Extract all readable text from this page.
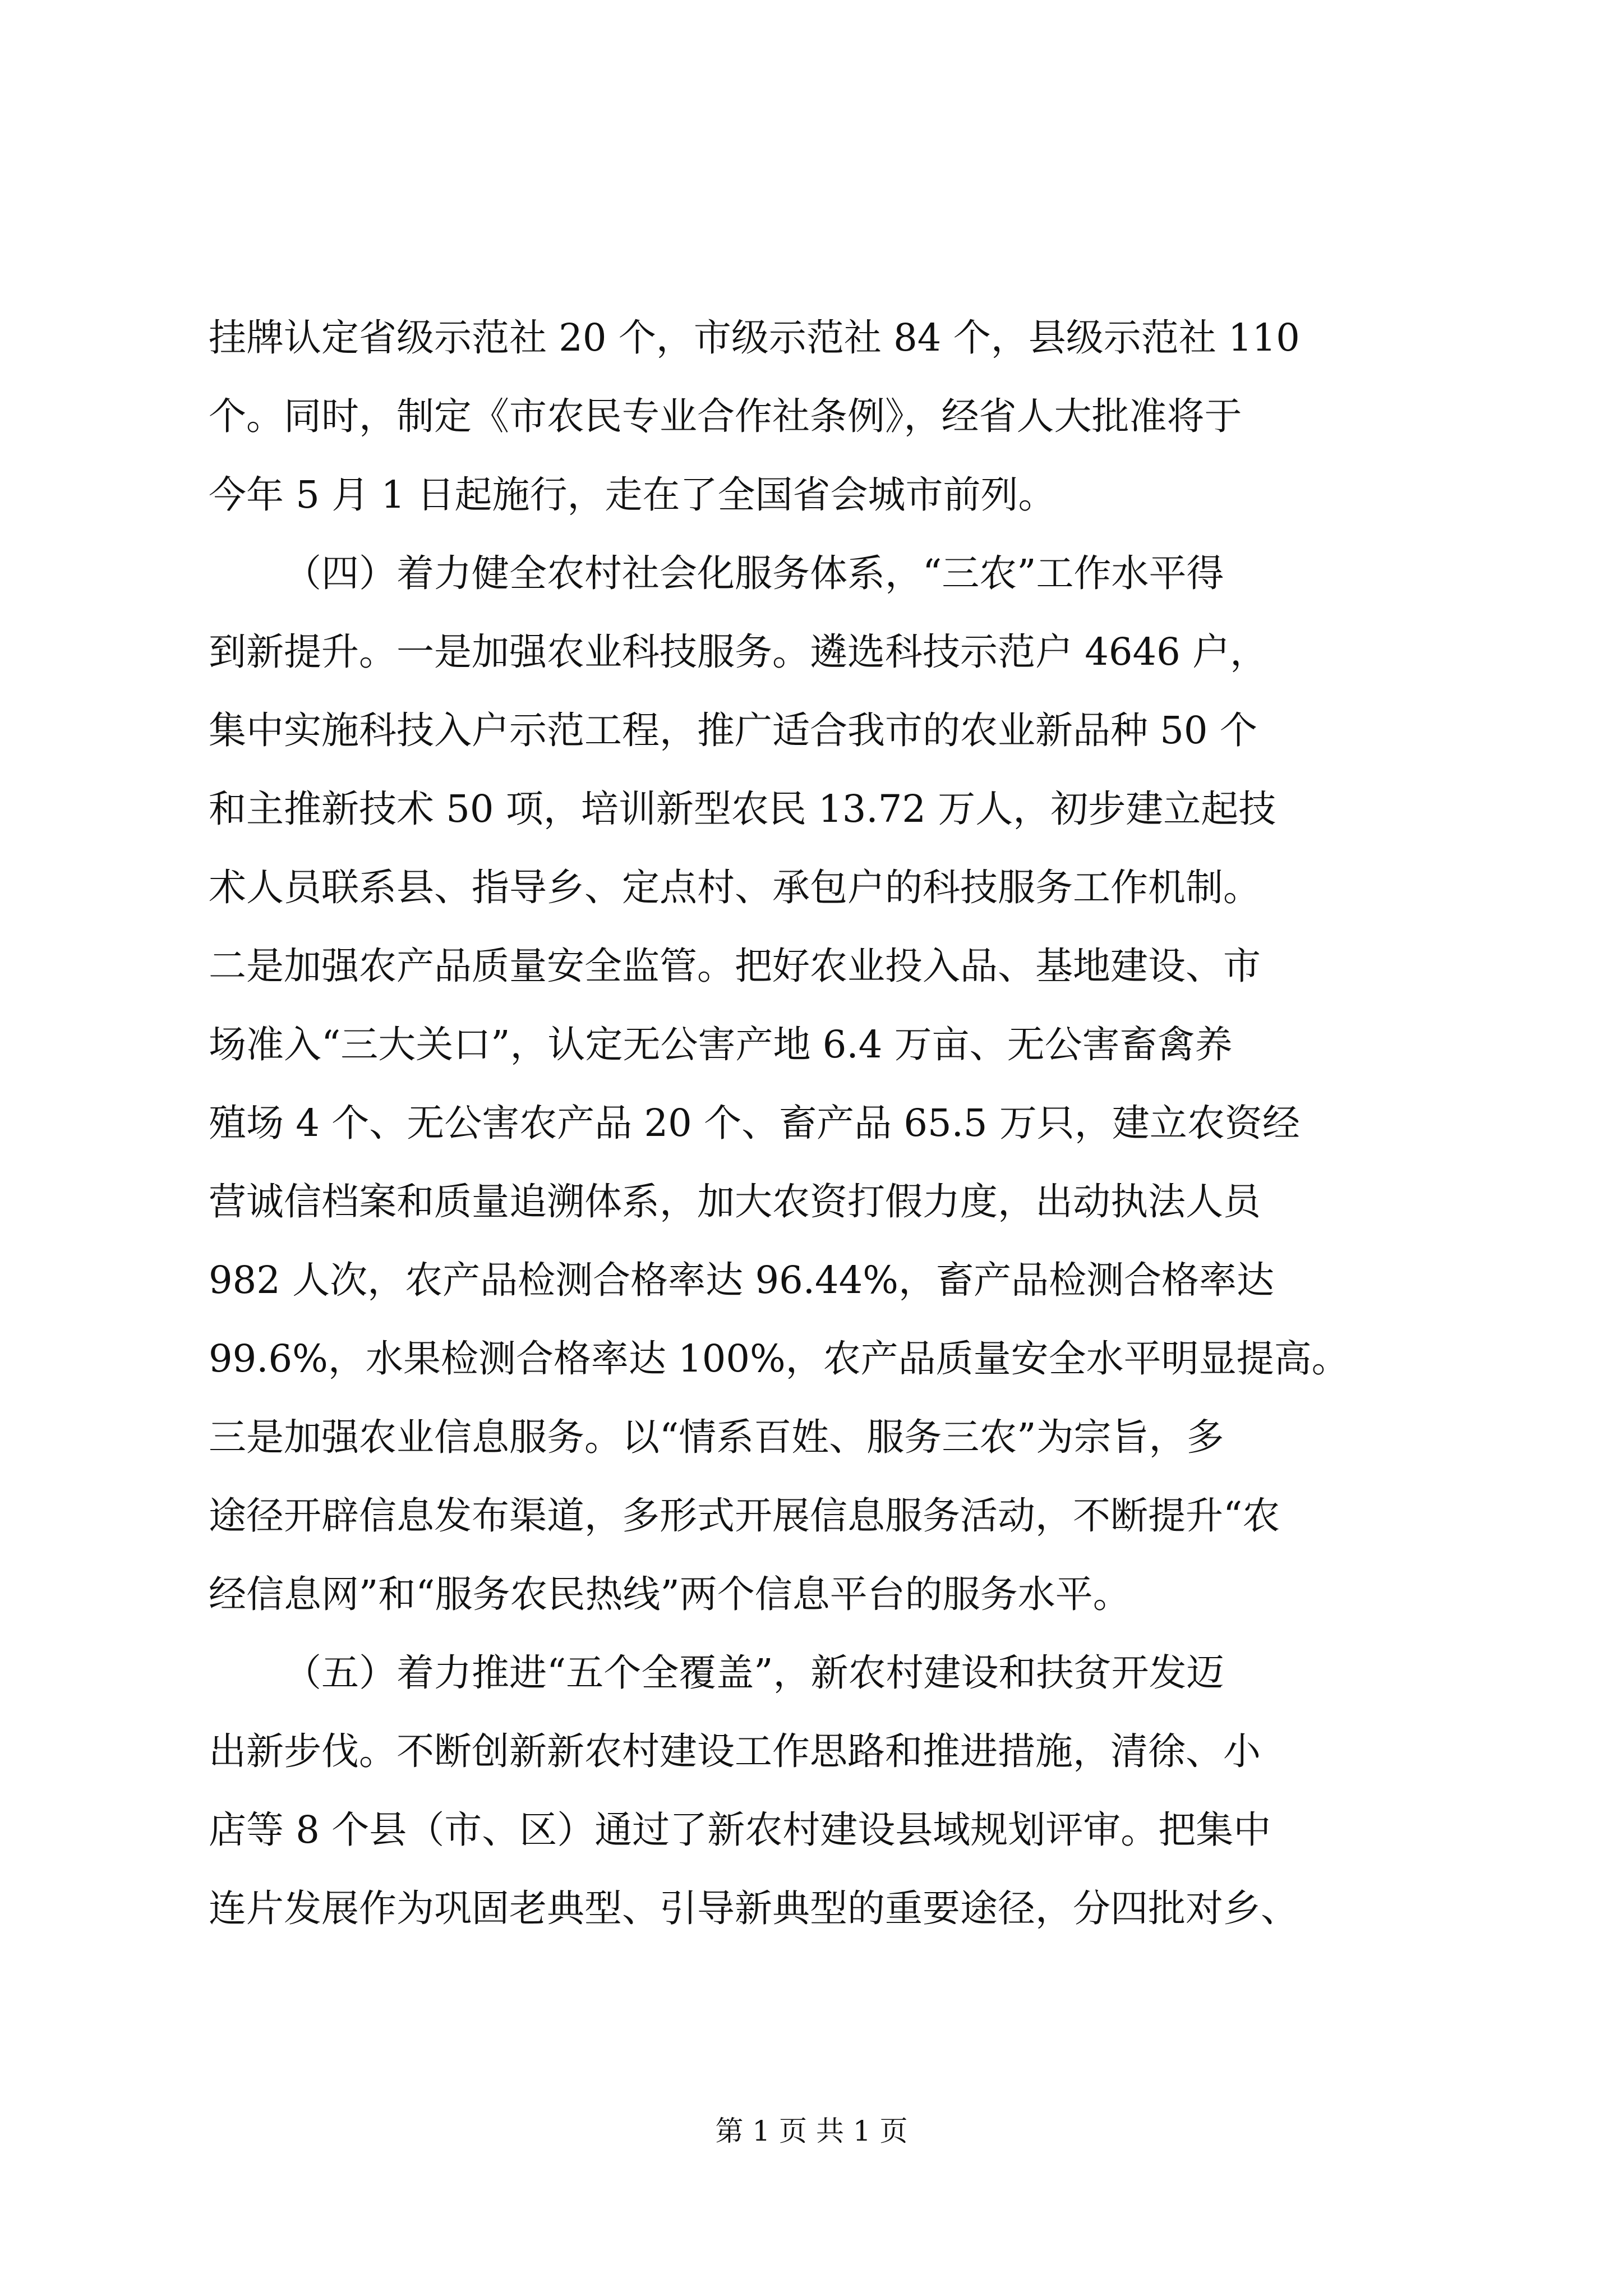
挂牌认定省级示范社 20 个，市级示范社 84 个，县级示范社 110
个。同时，制定《市农民专业合作社条例》，经省人大批准将于
今年 5 月 1 日起施行，走在了全国省会城市前列。
（四）着力健全农村社会化服务体系，“三农”工作水平得
到新提升。一是加强农业科技服务。遴选科技示范户 4646 户，
集中实施科技入户示范工程，推广适合我市的农业新品种 50 个
和主推新技术 50 项，培训新型农民 13.72 万人，初步建立起技
术人员联系县、指导乡、定点村、承包户的科技服务工作机制。
二是加强农产品质量安全监管。把好农业投入品、基地建设、市
场准入“三大关口”，认定无公害产地 6.4 万亩、无公害畜禽养
殖场 4 个、无公害农产品 20 个、畜产品 65.5 万只，建立农资经
营诚信档案和质量追溯体系，加大农资打假力度，出动执法人员
982 人次，农产品检测合格率达 96.44%，畜产品检测合格率达
99.6%，水果检测合格率达 100%，农产品质量安全水平明显提高。
三是加强农业信息服务。以“情系百姓、服务三农”为宗旨，多
途径开辟信息发布渠道，多形式开展信息服务活动，不断提升“农
经信息网”和“服务农民热线”两个信息平台的服务水平。
（五）着力推进“五个全覆盖”，新农村建设和扶贫开发迈
出新步伐。不断创新新农村建设工作思路和推进措施，清徐、小
店等 8 个县（市、区）通过了新农村建设县域规划评审。把集中
连片发展作为巩固老典型、引导新典型的重要途径，分四批对乡、
第 1 页 共 1 页
